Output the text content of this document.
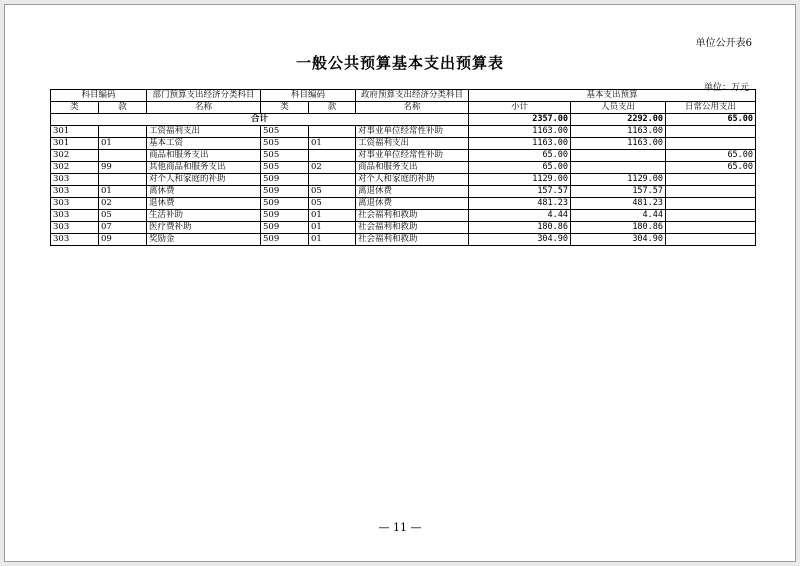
单位公开表6
一般公共预算基本支出预算表
单位：万元
科目编码		部门预算支出经济分类科目	科目编码		政府预算支出经济分类科目	基本支出预算		
类	款	名称	类	款	名称	小计	人员支出	日常公用支出
合计						2357.00	2292.00	65.00
301		工资福利支出	505		对事业单位经常性补助	1163.00	1163.00	
301	01	基本工资	505	01	工资福利支出	1163.00	1163.00	
302		商品和服务支出	505		对事业单位经常性补助	65.00		65.00
302	99	其他商品和服务支出	505	02	商品和服务支出	65.00		65.00
303		对个人和家庭的补助	509		对个人和家庭的补助	1129.00	1129.00	
303	01	离休费	509	05	离退休费	157.57	157.57	
303	02	退休费	509	05	离退休费	481.23	481.23	
303	05	生活补助	509	01	社会福利和救助	4.44	4.44	
303	07	医疗费补助	509	01	社会福利和救助	180.86	180.86	
303	09	奖励金	509	01	社会福利和救助	304.90	304.90	
— 11 —
